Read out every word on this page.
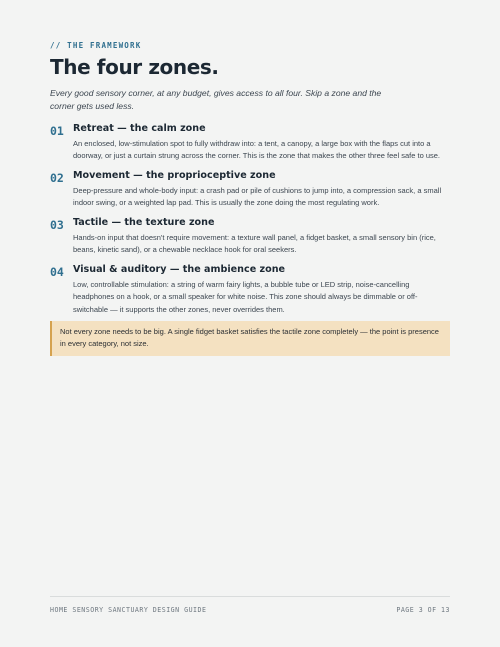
// THE FRAMEWORK
The four zones.

Every good sensory corner, at any budget, gives access to all four. Skip a zone and the corner gets used less.

01 Retreat — the calm zone

An enclosed, low-stimulation spot to fully withdraw into: a tent, a canopy, a large box with the flaps cut into a doorway, or just a curtain strung across the corner. This is the zone that makes the other three feel safe to use.

02 Movement — the proprioceptive zone

Deep-pressure and whole-body input: a crash pad or pile of cushions to jump into, a compression sack, a small indoor swing, or a weighted lap pad. This is usually the zone doing the most regulating work.

03 Tactile — the texture zone

Hands-on input that doesn't require movement: a texture wall panel, a fidget basket, a small sensory bin (rice, beans, kinetic sand), or a chewable necklace hook for oral seekers.

04 Visual & auditory — the ambience zone

Low, controllable stimulation: a string of warm fairy lights, a bubble tube or LED strip, noise-cancelling headphones on a hook, or a small speaker for white noise. This zone should always be dimmable or off-switchable — it supports the other zones, never overrides them.

Not every zone needs to be big. A single fidget basket satisfies the tactile zone completely — the point is presence in every category, not size.

HOME SENSORY SANCTUARY DESIGN GUIDE	PAGE 3 OF 13
